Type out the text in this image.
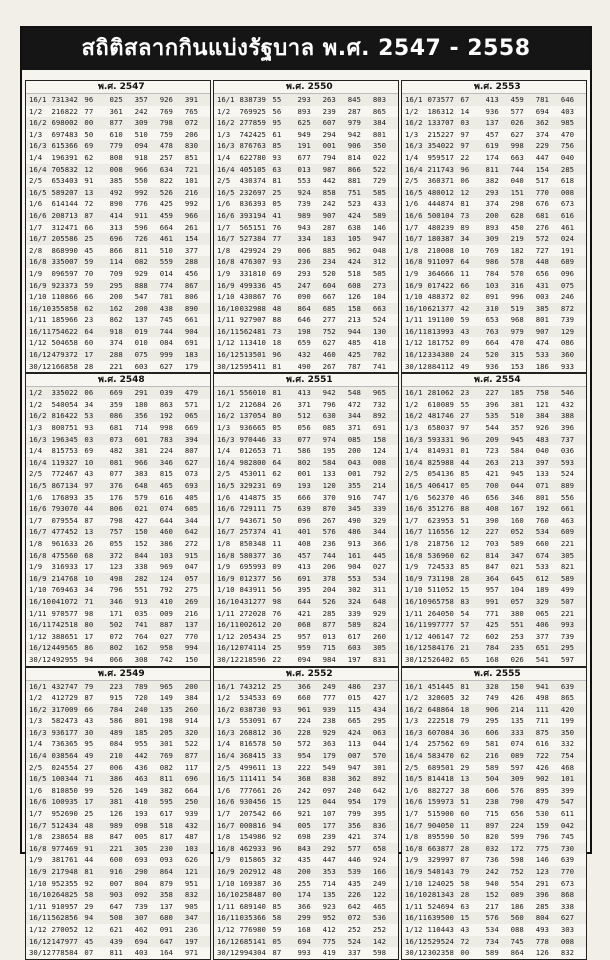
สถิติสลากกินแบ่งรัฐบาล พ.ศ. 2547 - 2558
พ.ศ. 2547
16/1 731342 96	025	357	926	391
1/2	216822 77	361	242	769	765
16/2 698002 00	877	309	798	072
1/3	697483 50	610	510	759	206
16/3 615366 69	779	094	478	830
1/4	196391 62	808	918	257	851
16/4 705832 12	008	966	634	721
2/5	653403 91	385	550	822	101
16/5 589207 13	492	992	526	216
1/6	614144 72	890	776	425	992
16/6 208713 87	414	911	459	966
1/7	312471 66	313	596	664	261
16/7 205586 25	696	726	461	154
2/8	868990 45	866	811	510	377
16/8 335007 59	114	082	559	288
1/9	096597 70	709	929	014	456
16/9 923373 59	295	888	774	867
1/10 110866 66	200	547	781	806
16/10 355858 62	162	200	438	890
1/11 185966 23	862	137	745	661
16/11 754622 64	918	019	744	904
1/12 504658 60	374	010	084	691
16/12 479372 17	288	075	999	183
30/12 166858 28	221	603	627	179
พ.ศ. 2548
1/2	335022 06	669	291	039	479
1/2	540054 34	359	180	863	571
16/2 816422 53	086	356	192	065
1/3	800751 93	681	714	998	669
16/3 196345 03	073	601	783	394
1/4	815753 69	482	381	224	807
16/4 119327 10	081	966	346	627
2/5	772467 43	077	383	815	073
16/5 867134 97	376	648	465	693
1/6	176893 35	176	579	616	405
16/6 793070 44	806	021	074	605
1/7	079554 87	798	427	644	344
16/7 477452 13	757	150	460	642
1/8	961633 26	055	152	386	272
16/8 475560 68	372	844	103	915
1/9	316933 17	123	338	969	047
16/9 214768 10	498	282	124	057
1/10 769463 34	796	551	792	275
16/10 041072 71	346	913	410	269
1/11 970577 98	171	035	009	216
16/11 742518 80	502	741	887	137
1/12 388651 17	072	764	027	770
16/12 449565 86	802	162	958	994
30/12 492955 94	066	308	742	150
พ.ศ. 2549
16/1 432747 79	223	789	965	200
1/2	412729 87	915	720	149	384
16/2 317009 66	784	240	135	260
1/3	582473 43	586	801	198	914
16/3 936177 30	489	185	205	320
1/4	736365 95	084	955	301	522
16/4 038564 49	210	442	769	877
2/5	024554 27	006	436	082	117
16/5 100344 71	386	463	811	696
1/6	810850 99	526	149	382	664
16/6 100935 17	381	410	595	250
1/7	952690 25	126	193	617	939
16/7 512434 48	989	098	518	432
1/8	238654 88	847	005	817	487
16/8 977469 91	221	305	230	103
1/9	381761 44	600	693	093	626
16/9 217948 81	916	290	864	121
1/10 952355 92	007	804	879	951
16/10 264825 58	903	092	358	832
1/11 910957 29	647	739	137	905
16/11 562856 94	508	307	680	347
1/12 270052 12	621	462	091	236
16/12 147977 45	439	694	647	197
30/12 778584 07	811	403	164	971
พ.ศ. 2550
16/1 838739 55	293	263	845	803
1/2	769925 56	893	239	287	865
16/2 277859 95	625	607	979	384
1/3	742425 61	949	294	942	801
16/3 876763 85	191	001	906	350
1/4	622780 93	677	794	814	022
16/4 405105 63	013	987	866	522
2/5	430374 81	553	442	881	729
16/5 232697 25	924	858	751	585
1/6	836393 05	739	242	523	433
16/6 393194 41	989	907	424	589
1/7	565151 76	943	287	638	146
16/7 527384 77	334	183	105	947
1/8	429924 29	006	885	962	048
16/8 476307 93	236	234	424	312
1/9	331810 69	293	520	518	505
16/9 499336 45	247	604	608	273
1/10 430867 76	090	667	126	104
16/10 032988 48	864	685	158	663
1/11 927907 88	646	277	213	524
16/11 562481 73	198	752	944	130
1/12 113410 18	659	627	485	418
16/12 513501 96	432	460	425	702
30/12 595411 81	490	267	787	741
พ.ศ. 2551
16/1 556010 81	413	942	548	965
1/2	212684 26	371	796	472	732
16/2 137054 80	512	630	344	892
1/3	936665 05	056	085	371	691
16/3 970446 33	077	974	085	158
1/4	012653 71	586	195	200	124
16/4 982800 64	802	584	043	008
2/5	453011 62	001	133	001	792
16/5 329231 69	193	120	355	214
1/6	414875 35	666	370	916	747
16/6 729111 75	639	870	345	339
1/7	943671 50	096	267	490	329
16/7 257374 41	401	576	486	344
1/8	850348 11	408	236	913	366
16/8 580377 36	457	744	161	445
1/9	695993 09	413	206	904	027
16/9 012377 56	691	378	553	534
1/10 843911 56	395	204	302	311
16/10 431277 98	644	526	324	648
1/11 272028 76	421	285	339	929
16/11 002612 20	068	877	589	824
1/12 205434 25	957	013	617	260
16/12 074114 25	959	715	603	305
30/12 218596 22	094	984	197	831
พ.ศ. 2552
16/1 743212 25	366	249	486	237
1/2	534533 69	660	777	015	427
16/2 038730 93	961	939	115	434
1/3	553091 67	224	238	665	295
16/3 268812 36	228	929	424	063
1/4	816578 50	572	363	113	044
16/4 368415 33	954	179	007	570
2/5	499611 13	222	549	947	301
16/5 111411 54	368	838	362	892
1/6	777661 26	242	097	240	642
16/6 930456 15	125	044	954	179
1/7	207542 66	921	107	799	395
16/7 000816 94	005	177	356	836
1/8	154986 92	698	239	421	374
16/8 462933 96	843	292	577	658
1/9	015865 32	435	447	446	924
16/9 202912 48	200	353	539	166
1/10 169387 36	255	714	435	249
16/10 258487 00	174	135	226	122
1/11 689140 85	366	923	642	465
16/11 035366 58	299	952	072	536
1/12 776980 59	168	412	252	252
16/12 685141 05	694	775	524	142
30/12 994304 87	993	419	337	598
พ.ศ. 2553
16/1 073577 67	413	459	781	646
1/2	186312 14	936	577	694	403
16/2 133707 03	137	026	362	985
1/3	215227 97	457	627	374	470
16/3 354022 97	619	998	229	756
1/4	959517 22	174	663	447	040
16/4 211743 96	811	744	154	285
2/5	360371 06	382	040	517	618
16/5 480012 12	293	151	770	008
1/6	444874 81	374	298	676	673
16/6 500104 73	200	628	681	616
1/7	480239 89	893	450	276	461
16/7 180387 34	309	219	572	024
1/8	210008 10	769	182	727	191
16/8 911097 64	986	578	448	689
1/9	364666 11	784	570	656	096
16/9 017422 66	103	316	431	075
1/10 488372 02	091	996	003	246
16/10 621377 42	310	519	385	872
1/11 191100 59	653	968	801	739
16/11 813993 43	763	979	907	129
1/12 181752 09	664	470	474	086
16/12 334380 24	520	315	533	360
30/12 884112 49	936	153	186	933
พ.ศ. 2554
16/1 281062 23	227	185	758	546
1/2	610089 55	396	381	121	432
16/2 481746 27	535	510	384	388
1/3	658037 97	544	357	926	396
16/3 593331 96	209	945	483	737
1/4	814931 01	723	584	040	036
16/4 825988 44	263	213	397	593
2/5	054136 85	421	945	133	524
16/5 406417 05	700	044	071	889
1/6	562370 46	656	346	801	556
16/6 351276 88	408	167	192	661
1/7	623953 51	390	160	760	463
16/7 116556 12	227	052	534	609
1/8	218756 12	703	589	660	221
16/8 536960 62	814	347	674	305
1/9	724533 85	847	021	533	821
16/9 731198 28	364	645	612	589
1/10 511052 15	957	104	189	499
16/10 965758 83	991	057	329	507
1/11 264050 54	771	380	065	221
16/11 997777 57	425	551	406	993
1/12 406147 72	602	253	377	739
16/12 584176 21	784	235	651	295
30/12 526402 65	168	026	541	597
พ.ศ. 2555
16/1 451445 81	328	150	941	639
1/2	320605 32	749	426	498	865
16/2 648864 18	906	214	111	420
1/3	222518 79	295	135	711	199
16/3 607084 36	606	333	875	350
1/4	257562 69	581	074	616	332
16/4 583470 62	216	089	722	754
2/5	689501 29	589	597	426	468
16/5 814418 13	504	309	902	101
1/6	882727 38	606	576	895	399
16/6 159973 51	238	790	479	547
1/7	515900 60	715	656	530	611
16/7 904050 11	897	224	159	042
1/8	895590 50	820	599	796	745
16/8 663877 28	032	172	775	730
1/9	329997 07	736	598	146	639
16/9 540143 79	242	752	123	770
1/10 124025 58	940	554	291	673
16/10 281343 28	152	089	396	868
1/11 524694 63	217	186	285	338
16/11 639500 15	576	560	804	627
1/12 110443 43	534	088	493	303
16/12 529524 72	734	745	778	008
30/12 302358 00	589	864	126	832
